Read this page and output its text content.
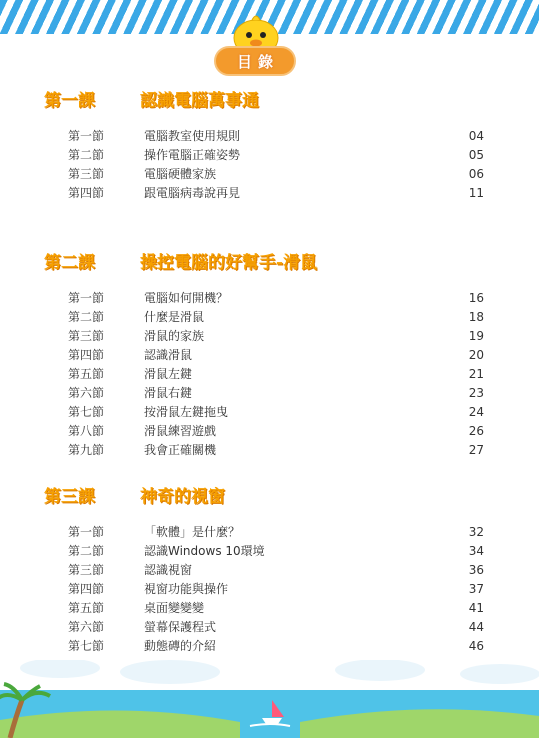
目錄
第一課	認識電腦萬事通
第一節	電腦教室使用規則	04
第二節	操作電腦正確姿勢	05
第三節	電腦硬體家族	06
第四節	跟電腦病毒說再見	11
第二課	操控電腦的好幫手-滑鼠
第一節	電腦如何開機？	16
第二節	什麼是滑鼠	18
第三節	滑鼠的家族	19
第四節	認識滑鼠	20
第五節	滑鼠左鍵	21
第六節	滑鼠右鍵	23
第七節	按滑鼠左鍵拖曳	24
第八節	滑鼠練習遊戲	26
第九節	我會正確關機	27
第三課	神奇的視窗
第一節	「軟體」是什麼？	32
第二節	認識Windows 10環境	34
第三節	認識視窗	36
第四節	視窗功能與操作	37
第五節	桌面變變變	41
第六節	螢幕保護程式	44
第七節	動態磚的介紹	46
